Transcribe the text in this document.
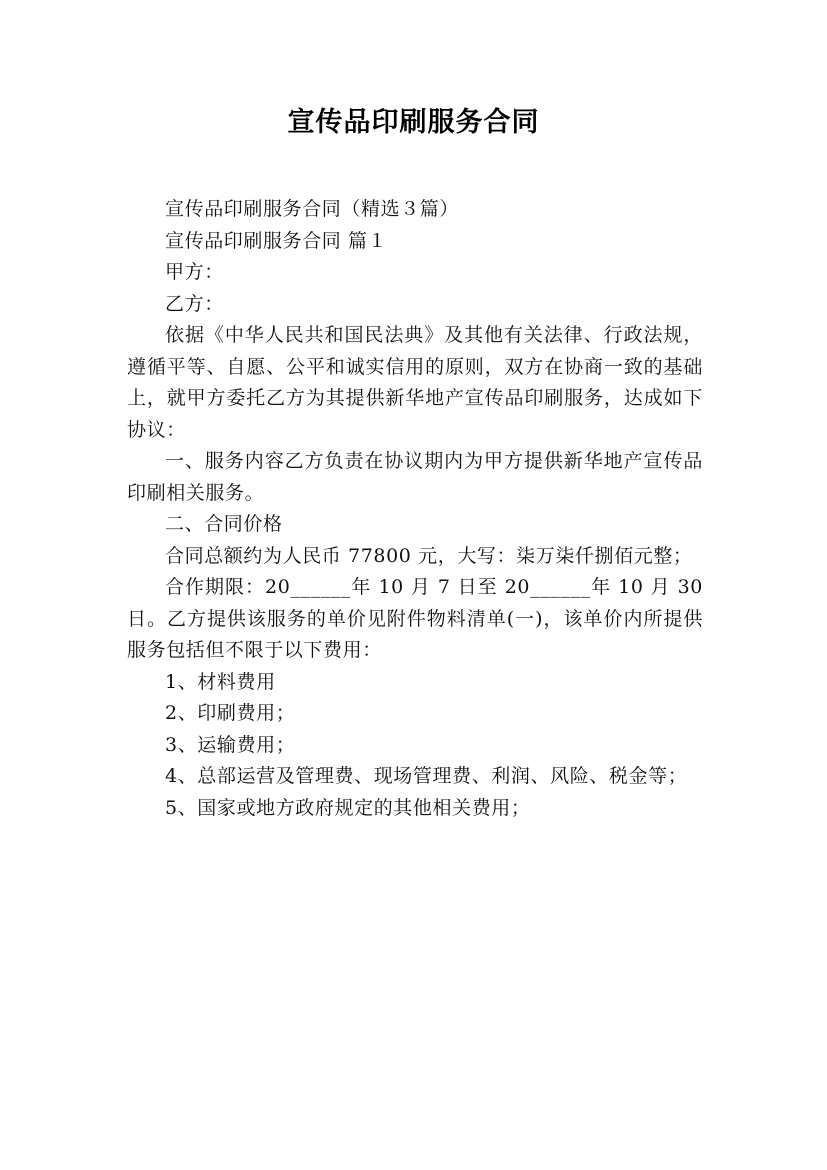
宣传品印刷服务合同

宣传品印刷服务合同（精选３篇）

宣传品印刷服务合同 篇１

甲方：

乙方：

依据《中华人民共和国民法典》及其他有关法律、行政法规，遵循平等、自愿、公平和诚实信用的原则，双方在协商一致的基础上，就甲方委托乙方为其提供新华地产宣传品印刷服务，达成如下协议：

一、服务内容乙方负责在协议期内为甲方提供新华地产宣传品印刷相关服务。

二、合同价格

合同总额约为人民币 77800 元，大写：柒万柒仟捌佰元整；

合作期限：20______年 10 月 7 日至 20______年 10 月 30 日。乙方提供该服务的单价见附件物料清单(一)，该单价内所提供服务包括但不限于以下费用：

1、材料费用

2、印刷费用；

3、运输费用；

4、总部运营及管理费、现场管理费、利润、风险、税金等；

5、国家或地方政府规定的其他相关费用；
